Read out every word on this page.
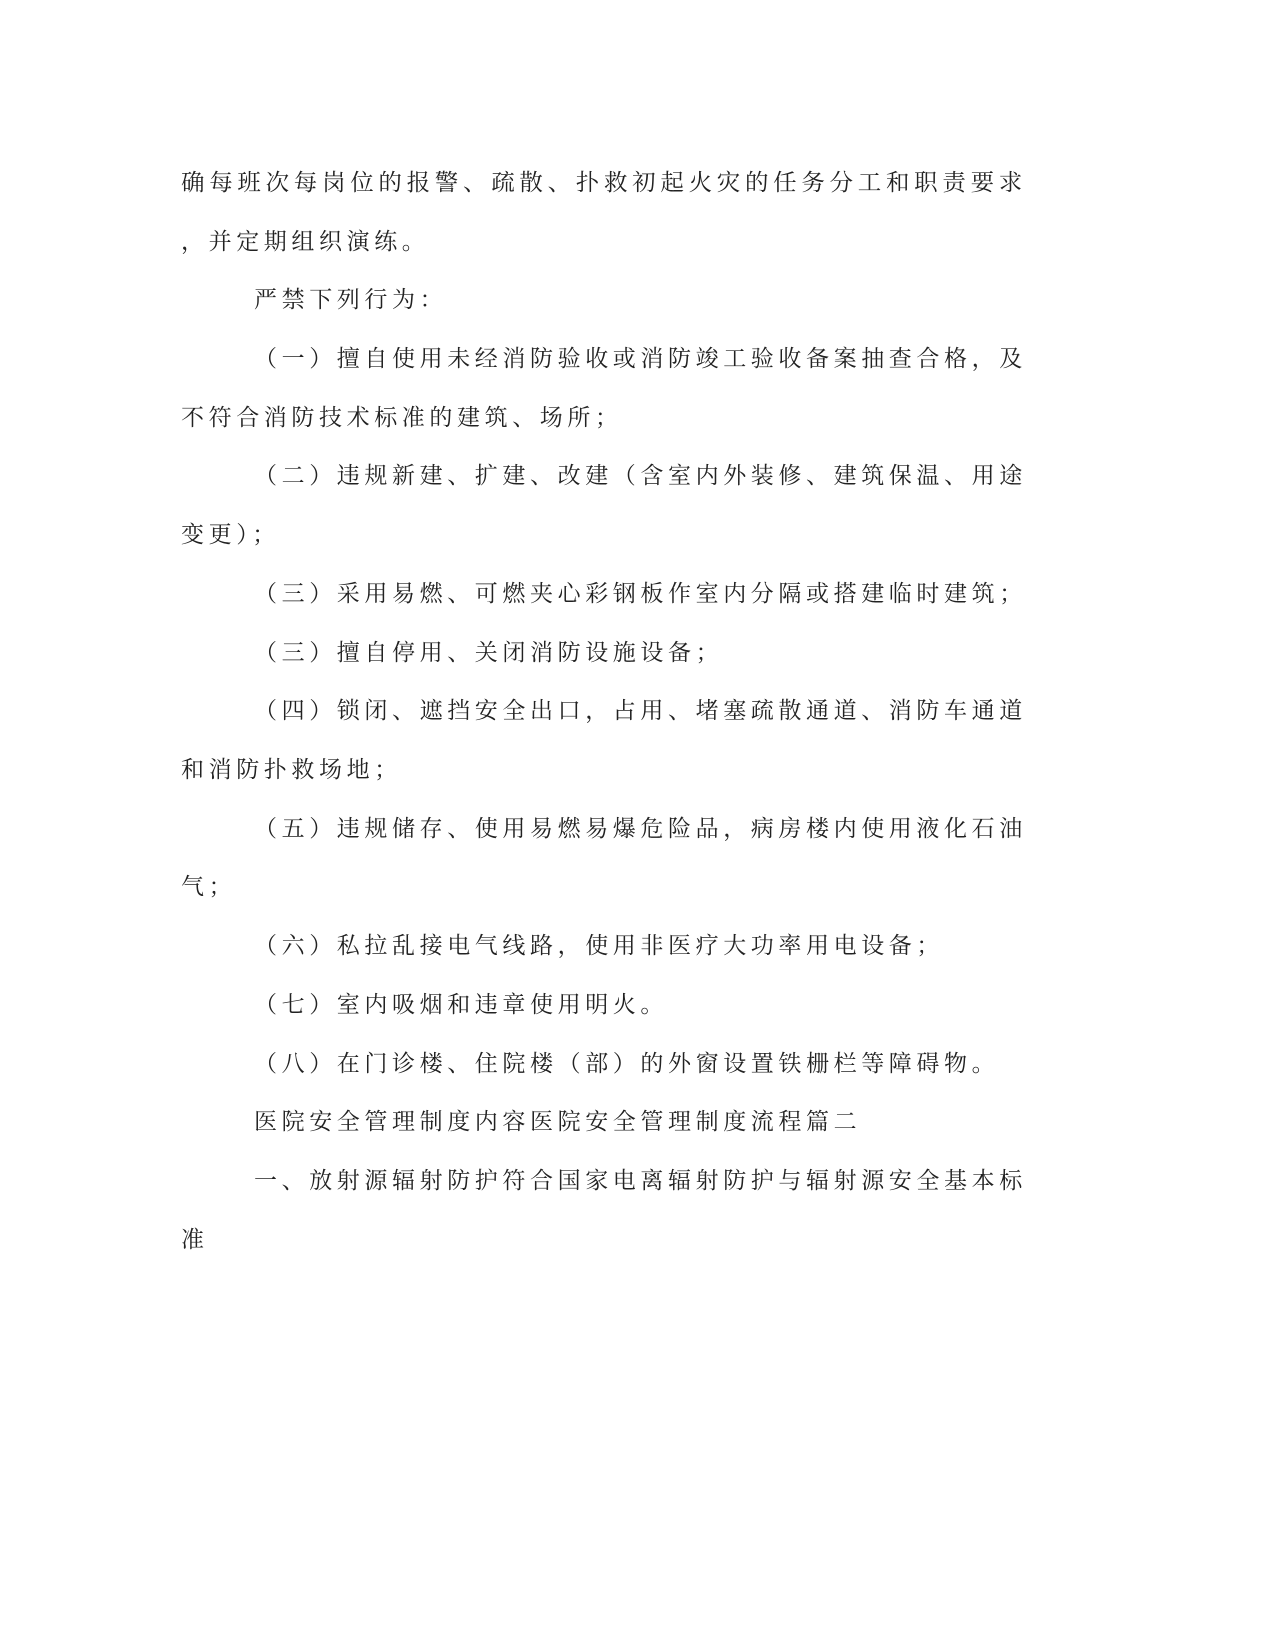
确每班次每岗位的报警、疏散、扑救初起火灾的任务分工和职责要求

，并定期组织演练。

严禁下列行为：

（一）擅自使用未经消防验收或消防竣工验收备案抽查合格，及

不符合消防技术标准的建筑、场所；

（二）违规新建、扩建、改建（含室内外装修、建筑保温、用途

变更）；

（三）采用易燃、可燃夹心彩钢板作室内分隔或搭建临时建筑；

（三）擅自停用、关闭消防设施设备；

（四）锁闭、遮挡安全出口，占用、堵塞疏散通道、消防车通道

和消防扑救场地；

（五）违规储存、使用易燃易爆危险品，病房楼内使用液化石油

气；

（六）私拉乱接电气线路，使用非医疗大功率用电设备；

（七）室内吸烟和违章使用明火。

（八）在门诊楼、住院楼（部）的外窗设置铁栅栏等障碍物。

医院安全管理制度内容医院安全管理制度流程篇二

一、放射源辐射防护符合国家电离辐射防护与辐射源安全基本标

准
